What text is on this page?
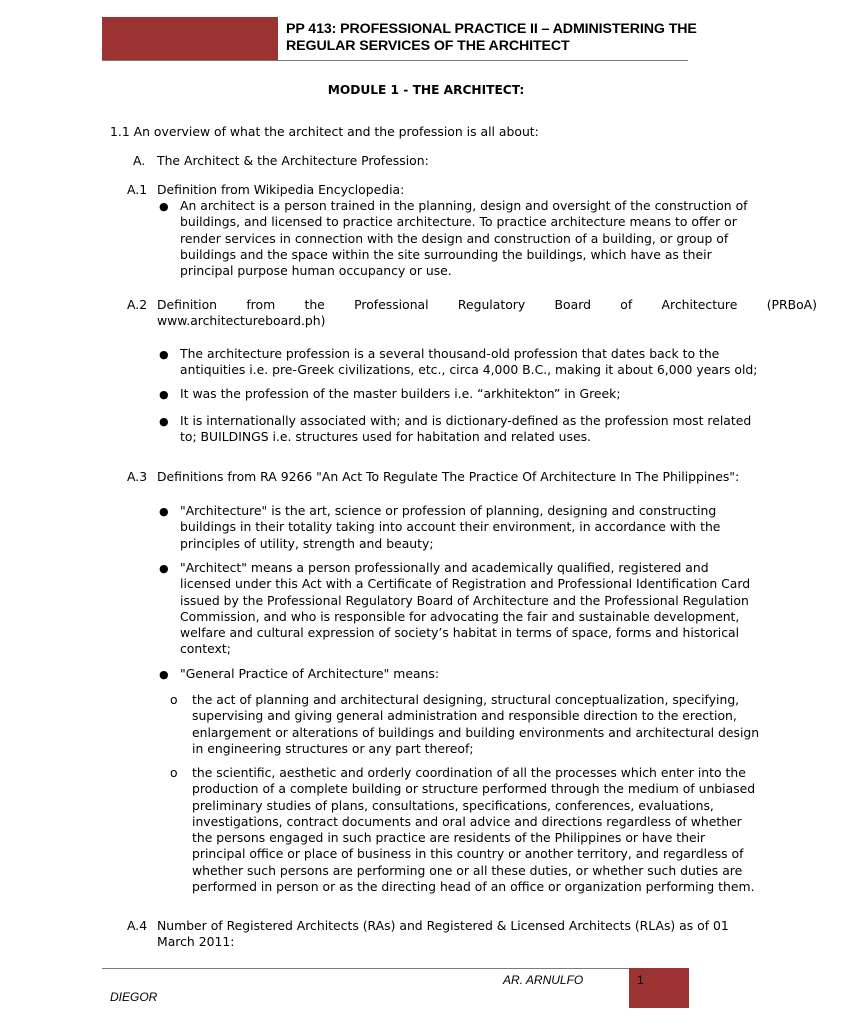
PP 413: PROFESSIONAL PRACTICE II – ADMINISTERING THE
REGULAR SERVICES OF THE ARCHITECT
MODULE 1 - THE ARCHITECT:
1.1 An overview of what the architect and the profession is all about:
A. The Architect & the Architecture Profession:
A.1 Definition from Wikipedia Encyclopedia:
● An architect is a person trained in the planning, design and oversight of the construction of
buildings, and licensed to practice architecture. To practice architecture means to offer or
render services in connection with the design and construction of a building, or group of
buildings and the space within the site surrounding the buildings, which have as their
principal purpose human occupancy or use.
A.2 Definition from the Professional Regulatory Board of Architecture (PRBoA)
www.architectureboard.ph)
● The architecture profession is a several thousand-old profession that dates back to the
antiquities i.e. pre-Greek civilizations, etc., circa 4,000 B.C., making it about 6,000 years old;
● It was the profession of the master builders i.e. “arkhitekton” in Greek;
● It is internationally associated with; and is dictionary-defined as the profession most related
to; BUILDINGS i.e. structures used for habitation and related uses.
A.3 Definitions from RA 9266 "An Act To Regulate The Practice Of Architecture In The Philippines":
● "Architecture" is the art, science or profession of planning, designing and constructing
buildings in their totality taking into account their environment, in accordance with the
principles of utility, strength and beauty;
● "Architect" means a person professionally and academically qualified, registered and
licensed under this Act with a Certificate of Registration and Professional Identification Card
issued by the Professional Regulatory Board of Architecture and the Professional Regulation
Commission, and who is responsible for advocating the fair and sustainable development,
welfare and cultural expression of society’s habitat in terms of space, forms and historical
context;
● "General Practice of Architecture" means:
o the act of planning and architectural designing, structural conceptualization, specifying,
supervising and giving general administration and responsible direction to the erection,
enlargement or alterations of buildings and building environments and architectural design
in engineering structures or any part thereof;
o the scientific, aesthetic and orderly coordination of all the processes which enter into the
production of a complete building or structure performed through the medium of unbiased
preliminary studies of plans, consultations, specifications, conferences, evaluations,
investigations, contract documents and oral advice and directions regardless of whether
the persons engaged in such practice are residents of the Philippines or have their
principal office or place of business in this country or another territory, and regardless of
whether such persons are performing one or all these duties, or whether such duties are
performed in person or as the directing head of an office or organization performing them.
A.4 Number of Registered Architects (RAs) and Registered & Licensed Architects (RLAs) as of 01
March 2011:
AR. ARNULFO
DIEGOR
1
